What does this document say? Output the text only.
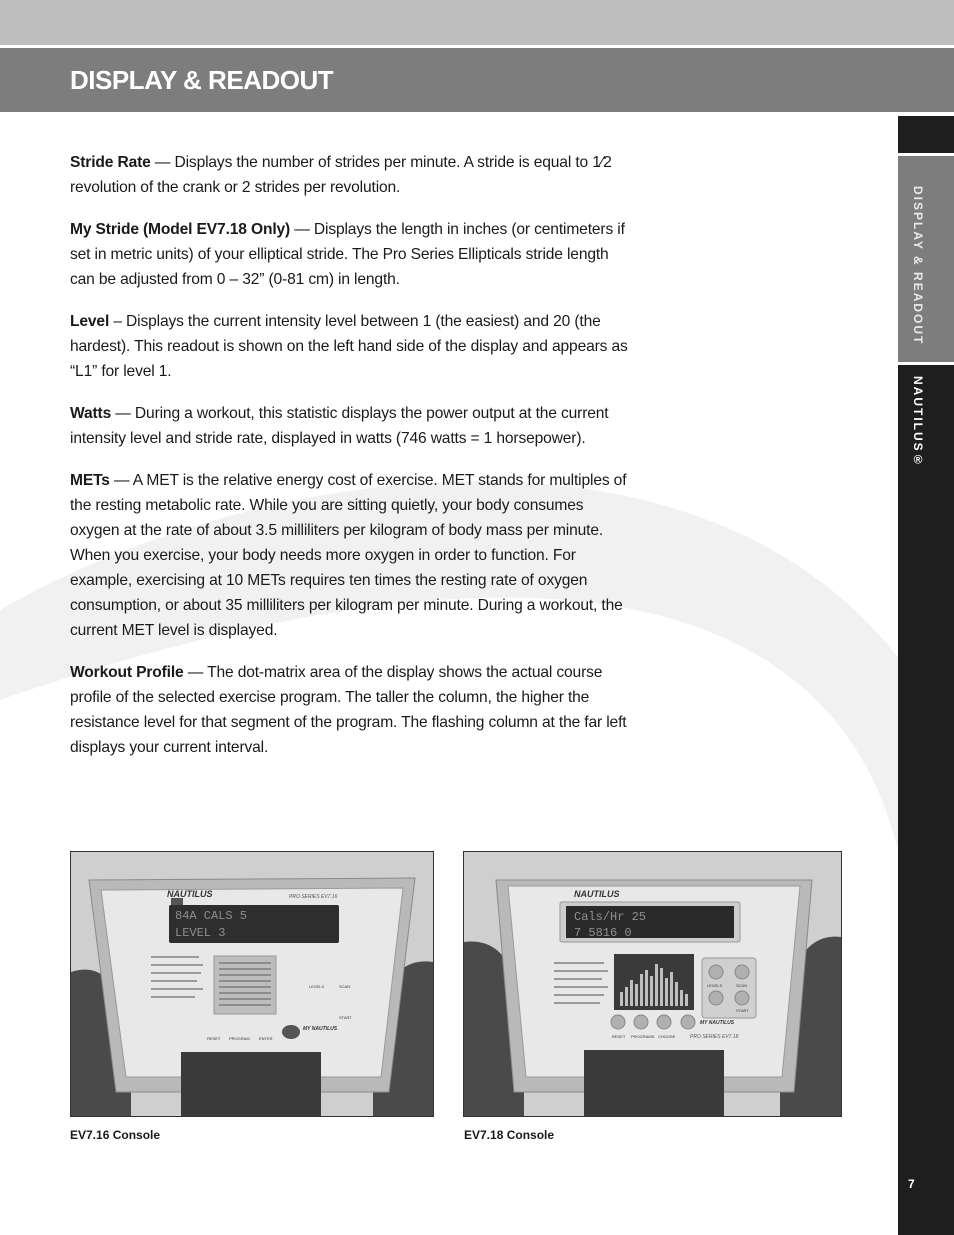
DISPLAY & READOUT
DISPLAY & READOUT
NAUTILUS®
7

Stride Rate — Displays the number of strides per minute. A stride is equal to 1⁄2 revolution of the crank or 2 strides per revolution.

My Stride (Model EV7.18 Only) — Displays the length in inches (or centimeters if set in metric units) of your elliptical stride. The Pro Series Ellipticals stride length can be adjusted from 0 – 32” (0-81 cm) in length.

Level – Displays the current intensity level between 1 (the easiest) and 20 (the hardest). This readout is shown on the left hand side of the display and appears as “L1” for level 1.

Watts — During a workout, this statistic displays the power output at the current intensity level and stride rate, displayed in watts (746 watts = 1 horsepower).

METs — A MET is the relative energy cost of exercise. MET stands for multiples of the resting metabolic rate. While you are sitting quietly, your body consumes oxygen at the rate of about 3.5 milliliters per kilogram of body mass per minute. When you exercise, your body needs more oxygen in order to function. For example, exercising at 10 METs requires ten times the resting rate of oxygen consumption, or about 35 milliliters per kilogram per minute. During a workout, the current MET level is displayed.

Workout Profile — The dot-matrix area of the display shows the actual course profile of the selected exercise program. The taller the column, the higher the resistance level for that segment of the program. The flashing column at the far left displays your current interval.

NAUTILUS	PRO SERIES EV7.16
84A CALS 5
LEVEL 3
LEVELS	SCAN
START
RESET PROGRAM ENTER
MY NAUTILUS
NAUTILUS
Cals/Hr 25
7 5816 0
LEVELS	SCAN
START
RESET PROGRAMS CHOOSE
MY NAUTILUS
PRO SERIES EV7.18
EV7.16 Console	EV7.18 Console
